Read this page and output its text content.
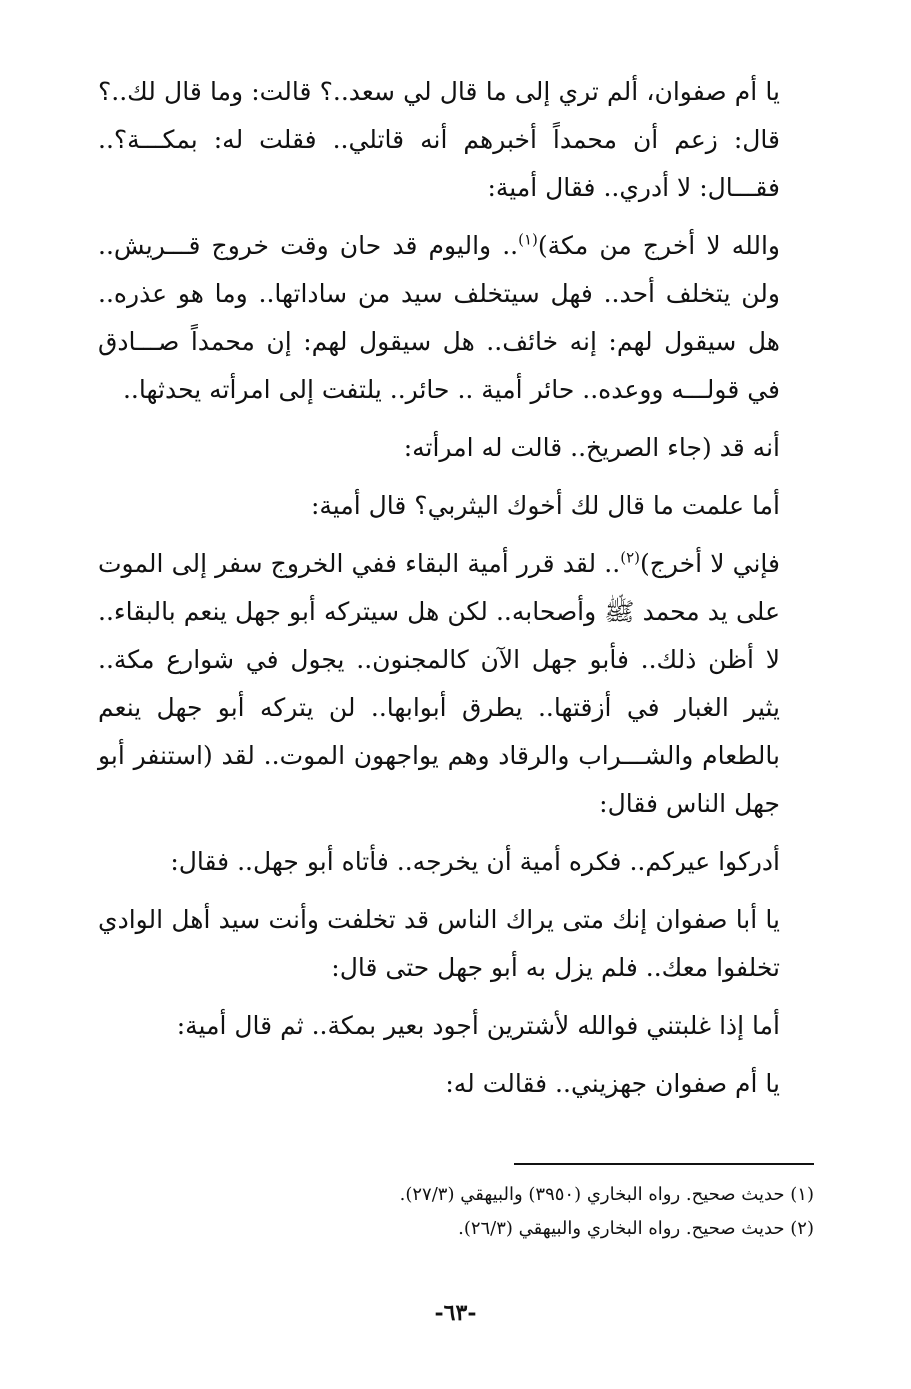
يا أم صفوان، ألم تري إلى ما قال لي سعد..؟ قالت: وما قال لك..؟ قال: زعم أن محمداً أخبرهم أنه قاتلي.. فقلت له: بمكـــة؟.. فقـــال: لا أدري.. فقال أمية:

والله لا أخرج من مكة)$^{(١)}$.. واليوم قد حان وقت خروج قـــريش.. ولن يتخلف أحد.. فهل سيتخلف سيد من ساداتها.. وما هو عذره.. هل سيقول لهم: إنه خائف.. هل سيقول لهم: إن محمداً صـــادق في قولـــه ووعده.. حائر أمية .. حائر.. يلتفت إلى امرأته يحدثها..

أنه قد (جاء الصريخ.. قالت له امرأته:

أما علمت ما قال لك أخوك اليثربي؟ قال أمية:

فإني لا أخرج)$^{(٢)}$.. لقد قرر أمية البقاء ففي الخروج سفر إلى الموت على يد محمد ﷺ وأصحابه.. لكن هل سيتركه أبو جهل ينعم بالبقاء.. لا أظن ذلك.. فأبو جهل الآن كالمجنون.. يجول في شوارع مكة.. يثير الغبار في أزقتها.. يطرق أبوابها.. لن يتركه أبو جهل ينعم بالطعام والشـــراب والرقاد وهم يواجهون الموت.. لقد (استنفر أبو جهل الناس فقال:

أدركوا عيركم.. فكره أمية أن يخرجه.. فأتاه أبو جهل.. فقال:

يا أبا صفوان إنك متى يراك الناس قد تخلفت وأنت سيد أهل الوادي تخلفوا معك.. فلم يزل به أبو جهل حتى قال:

أما إذا غلبتني فوالله لأشترين أجود بعير بمكة.. ثم قال أمية:

يا أم صفوان جهزيني.. فقالت له:

(١) حديث صحيح. رواه البخاري (٣٩٥٠) والبيهقي (٢٧/٣).

(٢) حديث صحيح. رواه البخاري والبيهقي (٢٦/٣).

-٦٣-
